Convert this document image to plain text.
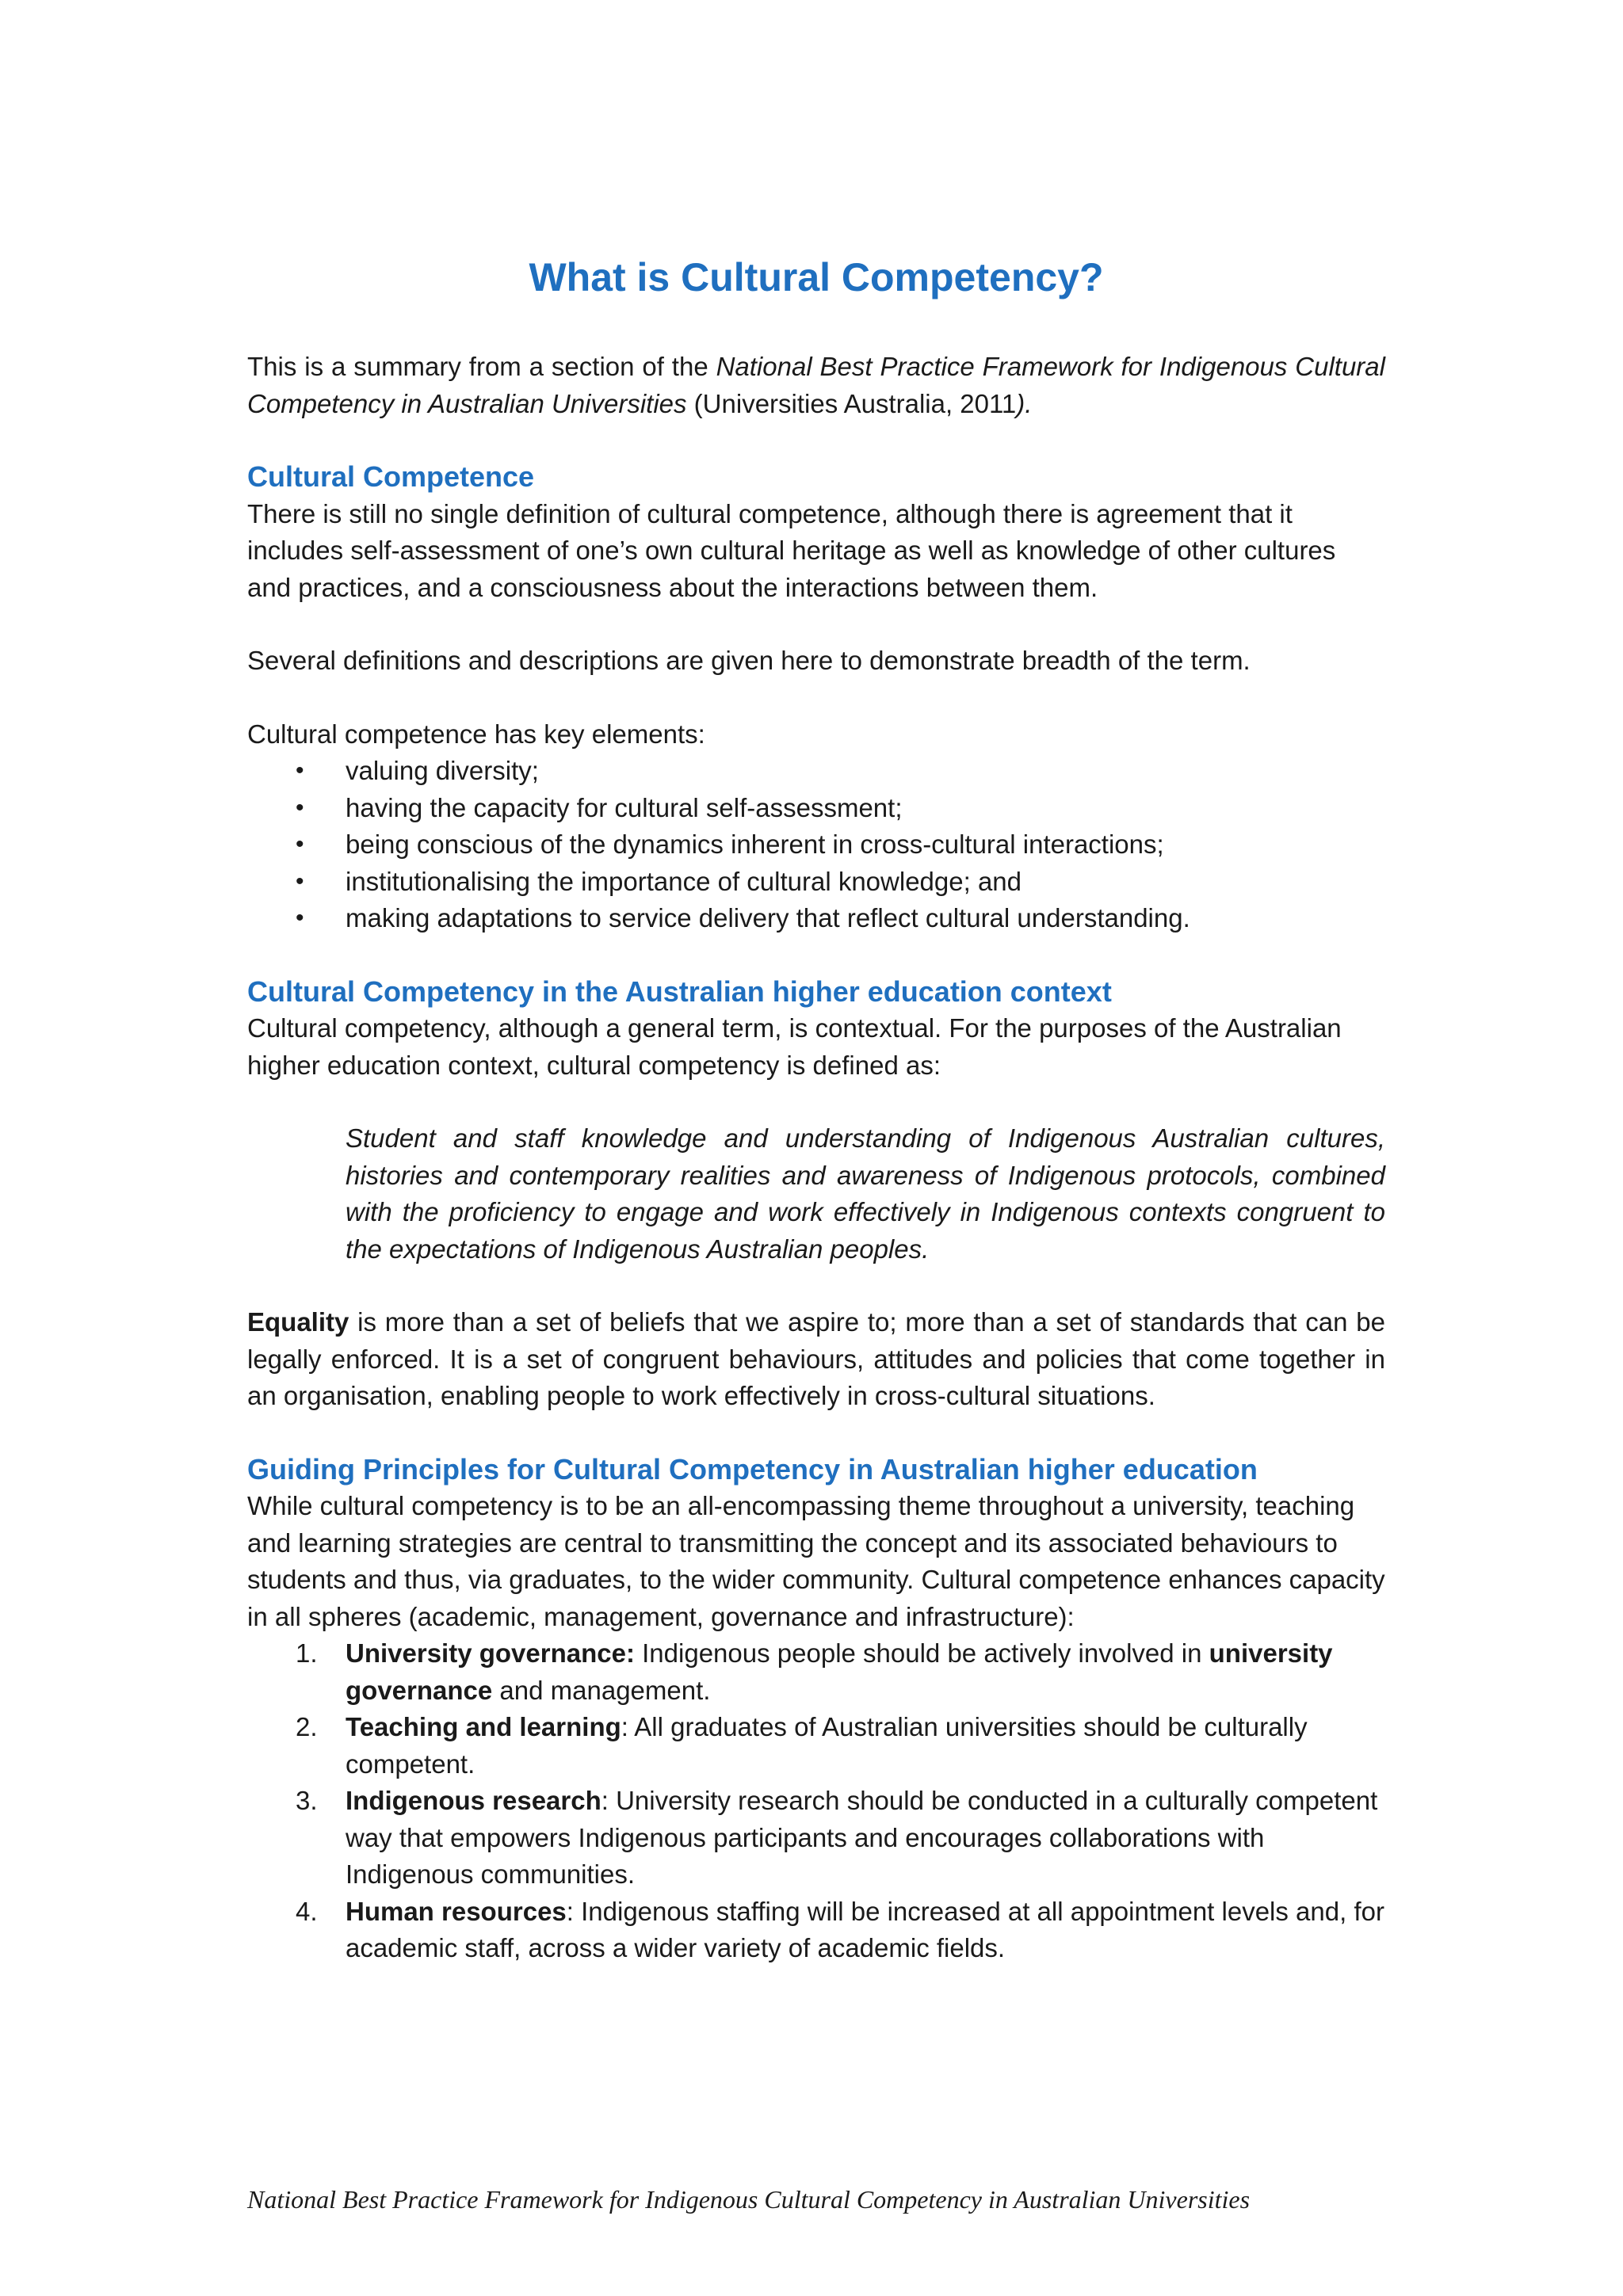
What is Cultural Competency?

This is a summary from a section of the National Best Practice Framework for Indigenous Cultural Competency in Australian Universities (Universities Australia, 2011).

Cultural Competence

There is still no single definition of cultural competence, although there is agreement that it includes self-assessment of one’s own cultural heritage as well as knowledge of other cultures and practices, and a consciousness about the interactions between them.

Several definitions and descriptions are given here to demonstrate breadth of the term.

Cultural competence has key elements:

• valuing diversity;
• having the capacity for cultural self-assessment;
• being conscious of the dynamics inherent in cross-cultural interactions;
• institutionalising the importance of cultural knowledge; and
• making adaptations to service delivery that reflect cultural understanding.
Cultural Competency in the Australian higher education context

Cultural competency, although a general term, is contextual. For the purposes of the Australian higher education context, cultural competency is defined as:

Student and staff knowledge and understanding of Indigenous Australian cultures, histories and contemporary realities and awareness of Indigenous protocols, combined with the proficiency to engage and work effectively in Indigenous contexts congruent to the expectations of Indigenous Australian peoples.

Equality is more than a set of beliefs that we aspire to; more than a set of standards that can be legally enforced. It is a set of congruent behaviours, attitudes and policies that come together in an organisation, enabling people to work effectively in cross-cultural situations.

Guiding Principles for Cultural Competency in Australian higher education

While cultural competency is to be an all-encompassing theme throughout a university, teaching and learning strategies are central to transmitting the concept and its associated behaviours to students and thus, via graduates, to the wider community. Cultural competence enhances capacity in all spheres (academic, management, governance and infrastructure):

1. University governance: Indigenous people should be actively involved in university governance and management.
2. Teaching and learning: All graduates of Australian universities should be culturally competent.
3. Indigenous research: University research should be conducted in a culturally competent way that empowers Indigenous participants and encourages collaborations with Indigenous communities.
4. Human resources: Indigenous staffing will be increased at all appointment levels and, for academic staff, across a wider variety of academic fields.
National Best Practice Framework for Indigenous Cultural Competency in Australian Universities
